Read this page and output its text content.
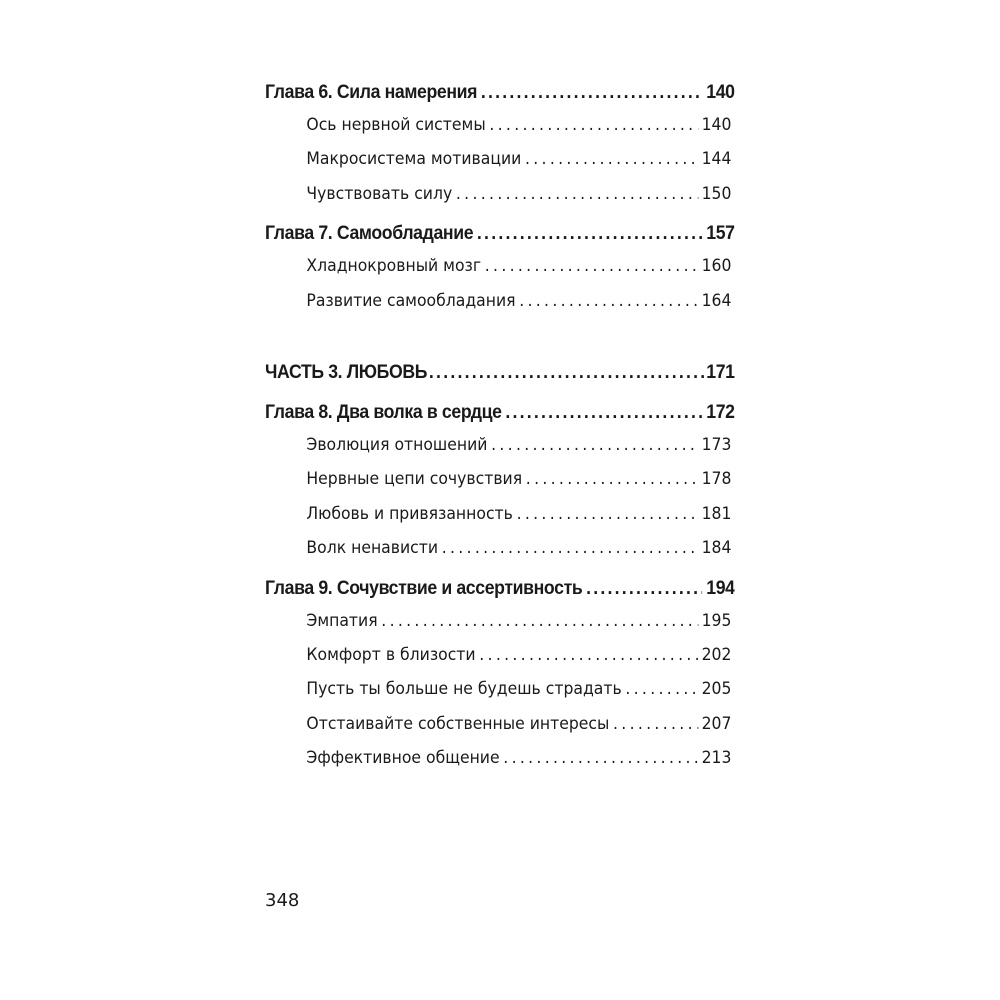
Глава 6. Сила намерения .....	140
Ось нервной системы .....	140
Макросистема мотивации .....	144
Чувствовать силу .....	150
Глава 7. Самообладание .....	157
Хладнокровный мозг .....	160
Развитие самообладания .....	164
ЧАСТЬ 3. ЛЮБОВЬ .....	171
Глава 8. Два волка в сердце .....	172
Эволюция отношений .....	173
Нервные цепи сочувствия .....	178
Любовь и привязанность .....	181
Волк ненависти .....	184
Глава 9. Сочувствие и ассертивность .....	194
Эмпатия .....	195
Комфорт в близости .....	202
Пусть ты больше не будешь страдать .....	205
Отстаивайте собственные интересы .....	207
Эффективное общение .....	213
348
